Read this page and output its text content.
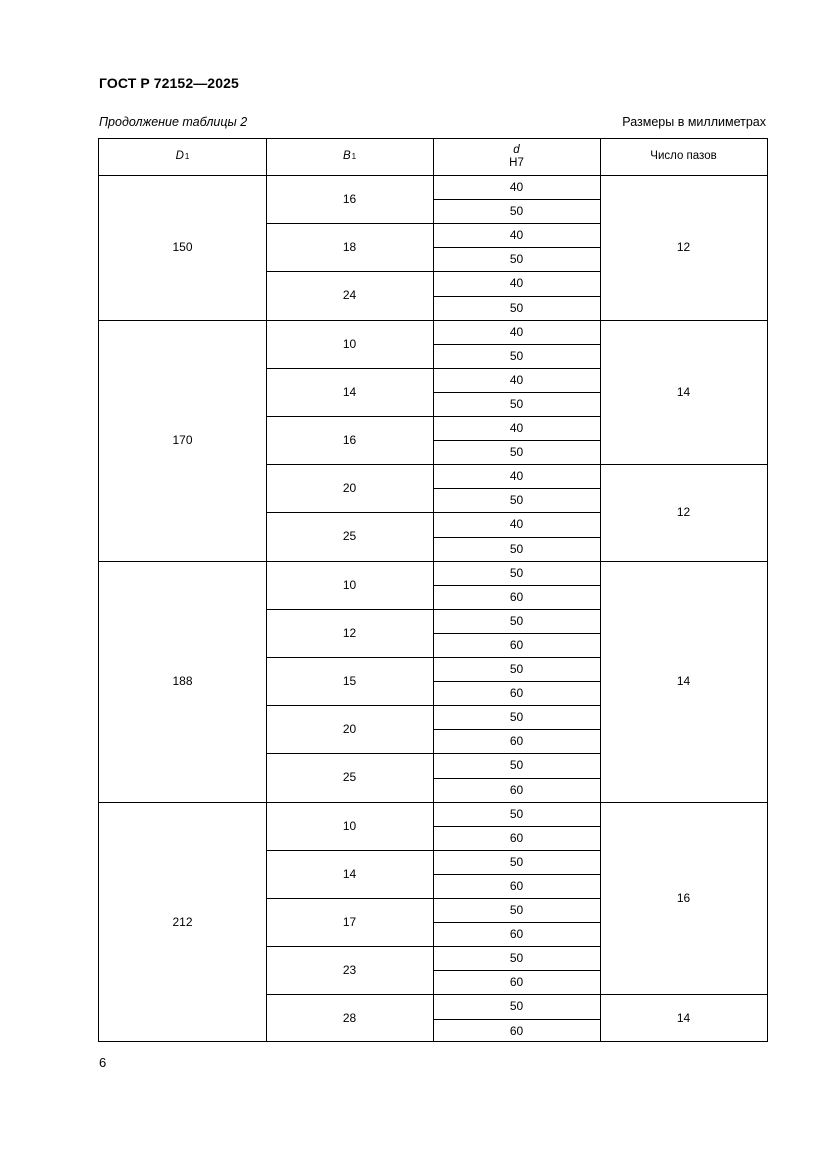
ГОСТ Р 72152—2025
Продолжение таблицы 2	Размеры в миллиметрах
D 1	B 1
d
H7
Число пазов
150
16
40
50
18
40
50
24
40
50
12
170
10
40
50
14
40
50
16
40
50
20
40
50
25
40
50
14
12
188
10
50
60
12
50
60
15
50
60
20
50
60
25
50
60
14
212
10
50
60
14
50
60
17
50
60
23
50
60
28
50
60
16
14
6
